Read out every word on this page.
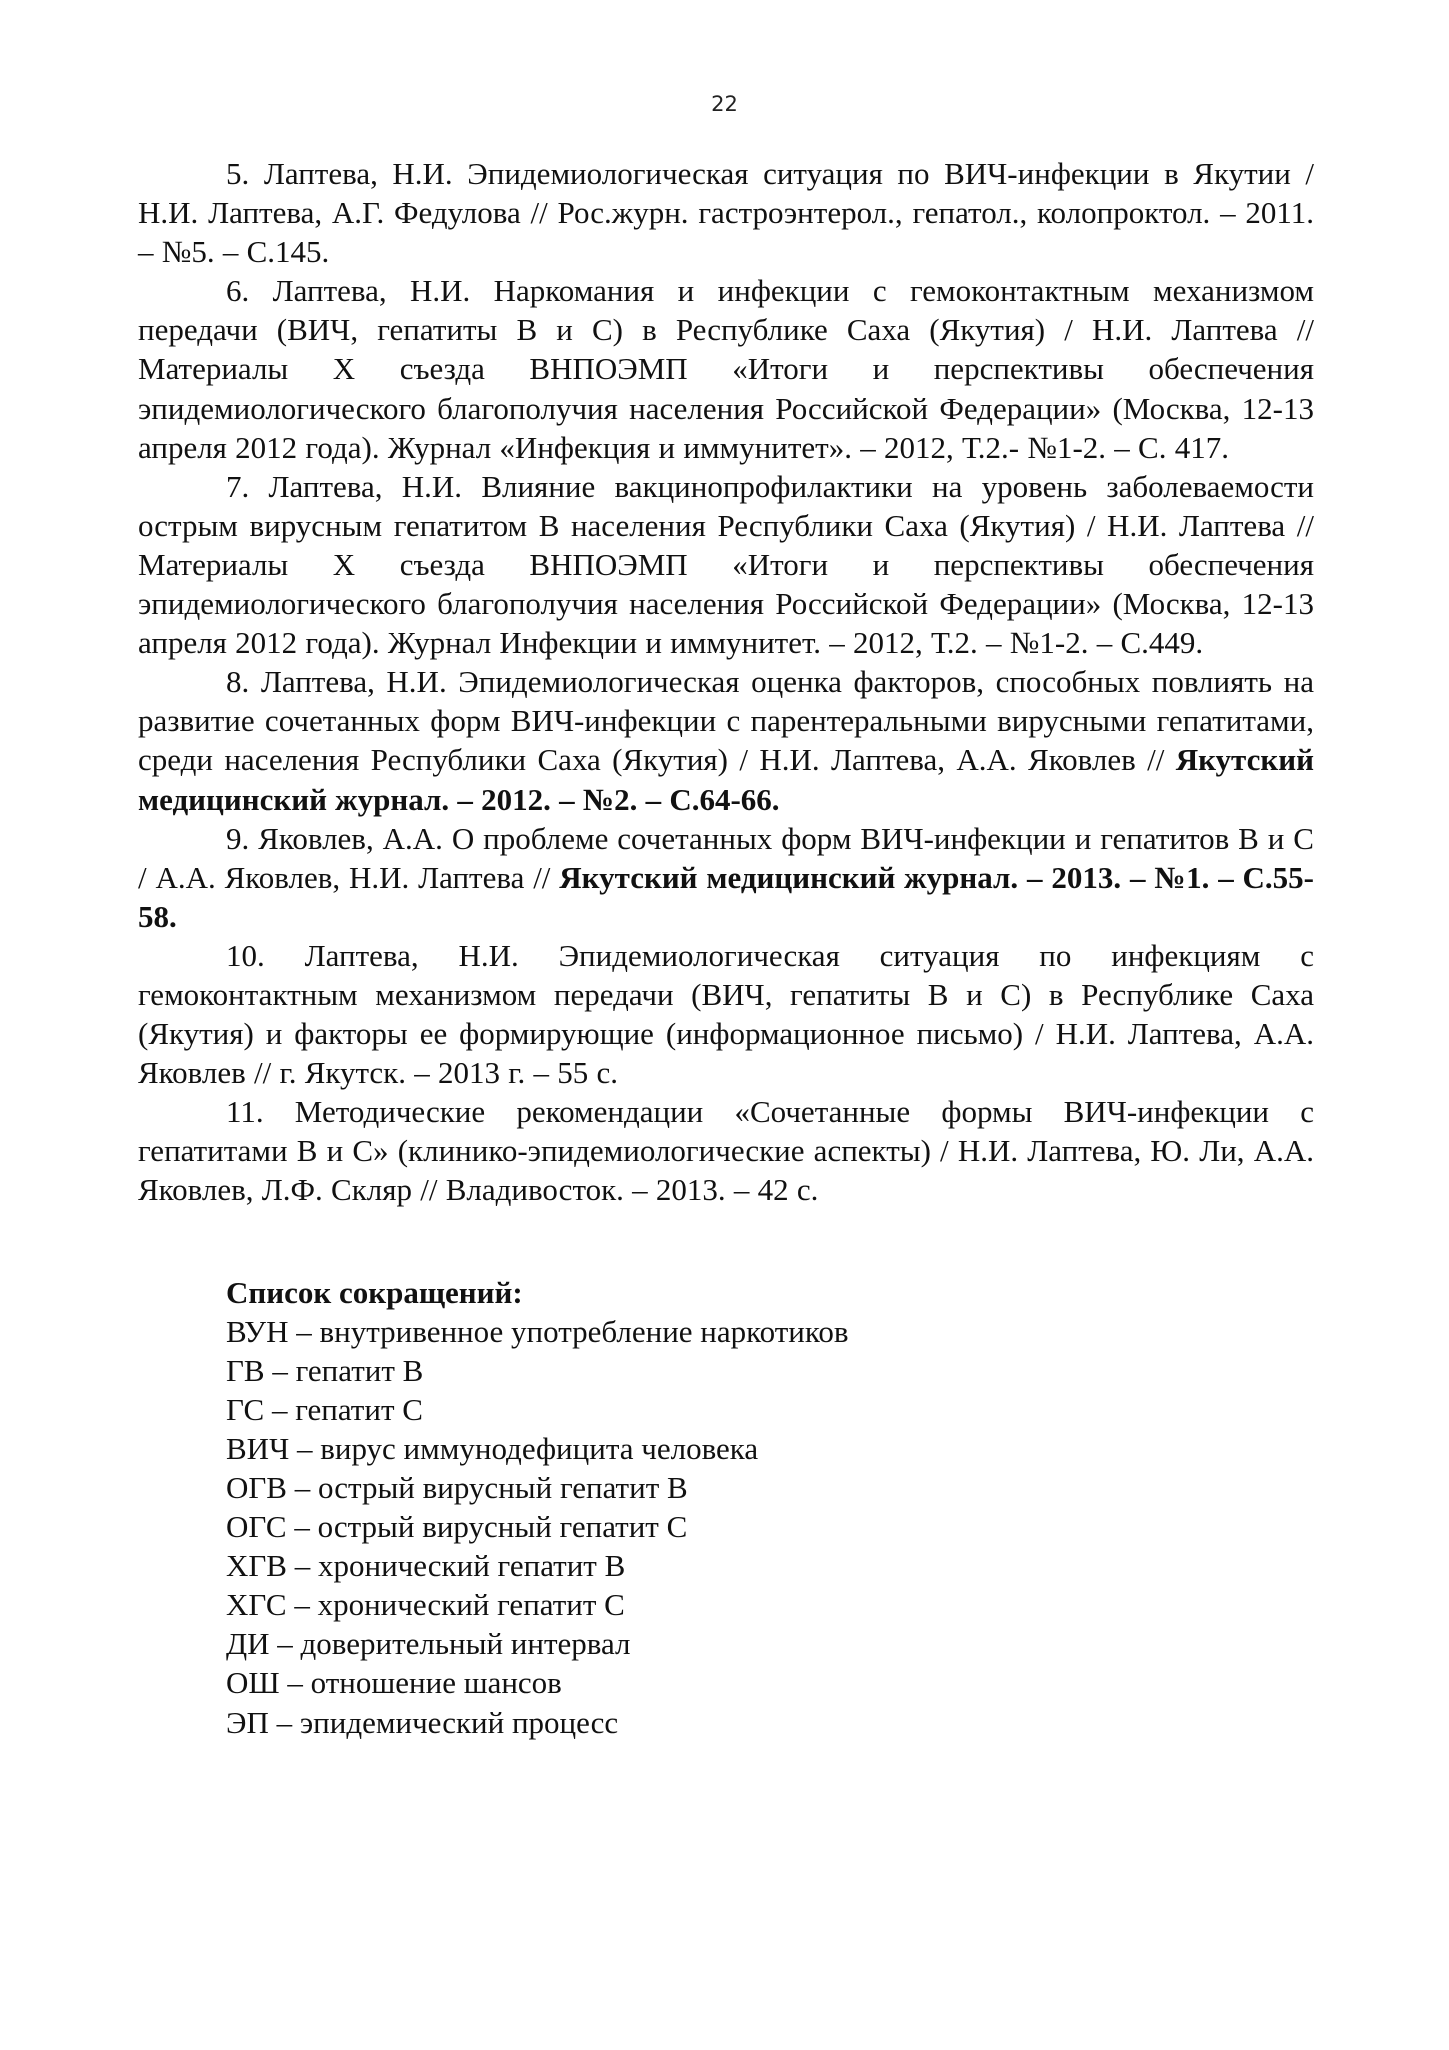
22

5. Лаптева, Н.И. Эпидемиологическая ситуация по ВИЧ-инфекции в Якутии / Н.И. Лаптева, А.Г. Федулова // Рос.журн. гастроэнтерол., гепатол., колопроктол. – 2011. – №5. – С.145.

6. Лаптева, Н.И. Наркомания и инфекции с гемоконтактным механизмом передачи (ВИЧ, гепатиты В и С) в Республике Саха (Якутия) / Н.И. Лаптева // Материалы X съезда ВНПОЭМП «Итоги и перспективы обеспечения эпидемиологического благополучия населения Российской Федерации» (Москва, 12-13 апреля 2012 года). Журнал «Инфекция и иммунитет». – 2012, Т.2.- №1-2. – С. 417.

7. Лаптева, Н.И. Влияние вакцинопрофилактики на уровень заболеваемости острым вирусным гепатитом В населения Республики Саха (Якутия) / Н.И. Лаптева // Материалы X съезда ВНПОЭМП «Итоги и перспективы обеспечения эпидемиологического благополучия населения Российской Федерации» (Москва, 12-13 апреля 2012 года). Журнал Инфекции и иммунитет. – 2012, Т.2. – №1-2. – С.449.

8. Лаптева, Н.И. Эпидемиологическая оценка факторов, способных повлиять на развитие сочетанных форм ВИЧ-инфекции с парентеральными вирусными гепатитами, среди населения Республики Саха (Якутия) / Н.И. Лаптева, А.А. Яковлев // Якутский медицинский журнал. – 2012. – №2. – С.64-66.

9. Яковлев, А.А. О проблеме сочетанных форм ВИЧ-инфекции и гепатитов В и С / А.А. Яковлев, Н.И. Лаптева // Якутский медицинский журнал. – 2013. – №1. – С.55-58.

10. Лаптева, Н.И. Эпидемиологическая ситуация по инфекциям с гемоконтактным механизмом передачи (ВИЧ, гепатиты В и С) в Республике Саха (Якутия) и факторы ее формирующие (информационное письмо) / Н.И. Лаптева, А.А. Яковлев // г. Якутск. – 2013 г. – 55 с.

11. Методические рекомендации «Сочетанные формы ВИЧ-инфекции с гепатитами В и С» (клинико-эпидемиологические аспекты) / Н.И. Лаптева, Ю. Ли, А.А. Яковлев, Л.Ф. Скляр // Владивосток. – 2013. – 42 с.

Список сокращений:

ВУН – внутривенное употребление наркотиков
ГВ – гепатит В
ГС – гепатит С
ВИЧ – вирус иммунодефицита человека
ОГВ – острый вирусный гепатит В
ОГС – острый вирусный гепатит С
ХГВ – хронический гепатит В
ХГС – хронический гепатит С
ДИ – доверительный интервал
ОШ – отношение шансов
ЭП – эпидемический процесс
